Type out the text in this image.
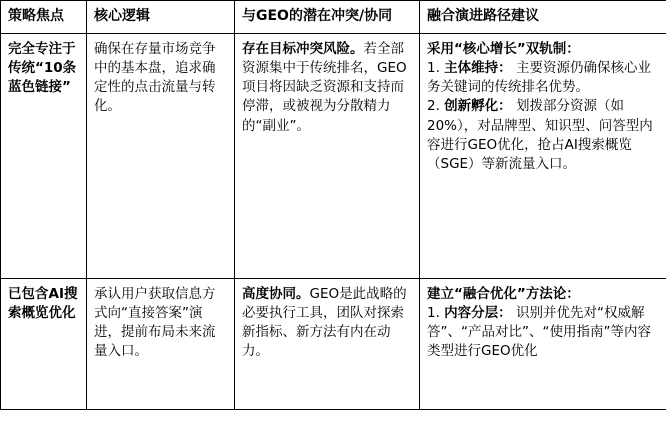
策略焦点	核心逻辑	与GEO的潜在冲突/协同	融合演进路径建议
完全专注于传统“10条蓝色链接”	确保在存量市场竞争中的基本盘，追求确定性的点击流量与转化。	存在目标冲突风险。若全部资源集中于传统排名，GEO项目将因缺乏资源和支持而停滞，或被视为分散精力的“副业”。	采用“核心增长”双轨制：
1. 主体维持： 主要资源仍确保核心业务关键词的传统排名优势。
2. 创新孵化： 划拨部分资源（如20%），对品牌型、知识型、问答型内容进行GEO优化，抢占AI搜索概览（SGE）等新流量入口。

已包含AI搜索概览优化	承认用户获取信息方式向“直接答案”演进，提前布局未来流量入口。	高度协同。GEO是此战略的必要执行工具，团队对探索新指标、新方法有内在动力。	建立“融合优化”方法论：
1. 内容分层： 识别并优先对“权威解答”、“产品对比”、“使用指南”等内容类型进行GEO优化
